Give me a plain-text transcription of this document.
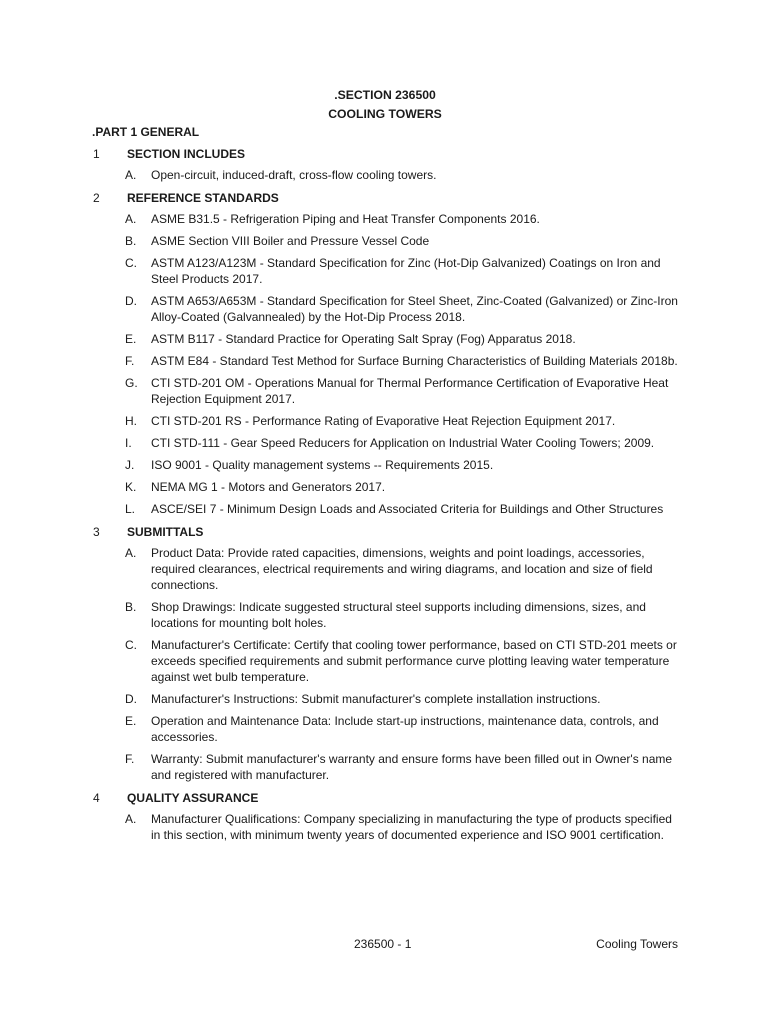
.SECTION 236500
COOLING TOWERS
.PART 1 GENERAL
1	SECTION INCLUDES
A.	Open-circuit, induced-draft, cross-flow cooling towers.
2	REFERENCE STANDARDS
A.	ASME B31.5 - Refrigeration Piping and Heat Transfer Components 2016.
B.	ASME Section VIII Boiler and Pressure Vessel Code
C.	ASTM A123/A123M - Standard Specification for Zinc (Hot-Dip Galvanized) Coatings on Iron and Steel Products 2017.
D.	ASTM A653/A653M - Standard Specification for Steel Sheet, Zinc-Coated (Galvanized) or Zinc-Iron Alloy-Coated (Galvannealed) by the Hot-Dip Process 2018.
E.	ASTM B117 - Standard Practice for Operating Salt Spray (Fog) Apparatus 2018.
F.	ASTM E84 - Standard Test Method for Surface Burning Characteristics of Building Materials 2018b.
G.	CTI STD-201 OM - Operations Manual for Thermal Performance Certification of Evaporative Heat Rejection Equipment 2017.
H.	CTI STD-201 RS - Performance Rating of Evaporative Heat Rejection Equipment 2017.
I.	CTI STD-111 - Gear Speed Reducers for Application on Industrial Water Cooling Towers; 2009.
J.	ISO 9001 - Quality management systems -- Requirements 2015.
K.	NEMA MG 1 - Motors and Generators 2017.
L.	ASCE/SEI 7 - Minimum Design Loads and Associated Criteria for Buildings and Other Structures
3	SUBMITTALS
A.	Product Data: Provide rated capacities, dimensions, weights and point loadings, accessories, required clearances, electrical requirements and wiring diagrams, and location and size of field connections.
B.	Shop Drawings: Indicate suggested structural steel supports including dimensions, sizes, and locations for mounting bolt holes.
C.	Manufacturer's Certificate: Certify that cooling tower performance, based on CTI STD-201 meets or exceeds specified requirements and submit performance curve plotting leaving water temperature against wet bulb temperature.
D.	Manufacturer's Instructions: Submit manufacturer's complete installation instructions.
E.	Operation and Maintenance Data: Include start-up instructions, maintenance data, controls, and accessories.
F.	Warranty: Submit manufacturer's warranty and ensure forms have been filled out in Owner's name and registered with manufacturer.
4	QUALITY ASSURANCE
A.	Manufacturer Qualifications: Company specializing in manufacturing the type of products specified in this section, with minimum twenty years of documented experience and ISO 9001 certification.
236500 - 1	Cooling Towers
